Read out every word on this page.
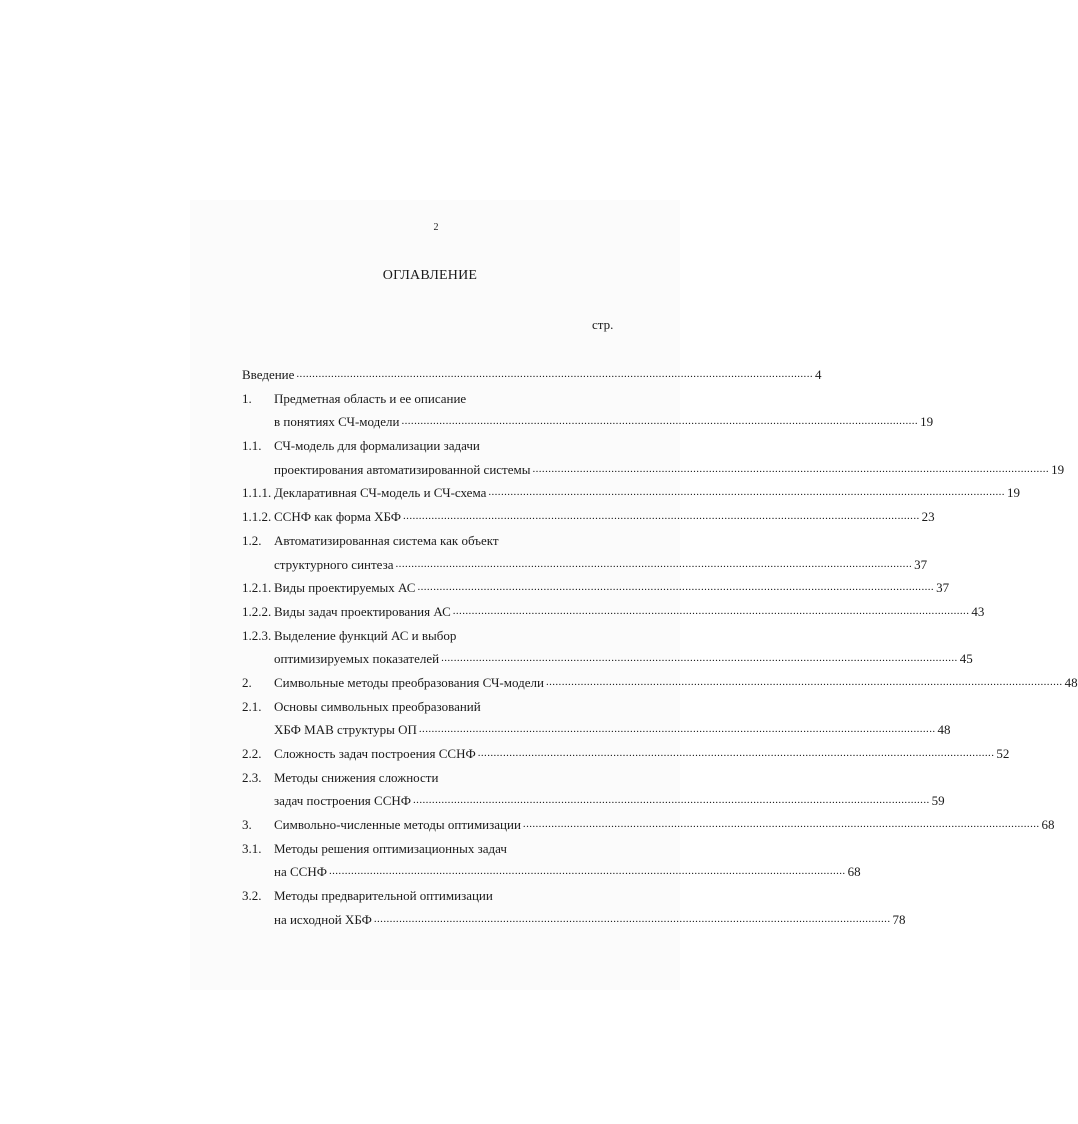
2
ОГЛАВЛЕНИЕ
стр.
Введение .....	4
1.	Предметная область и ее описание
в понятиях СЧ-модели .....	19
1.1. СЧ-модель для формализации задачи
проектирования автоматизированной системы .....	19
1.1.1. Декларативная СЧ-модель и СЧ-схема .....	19
1.1.2. ССНФ как форма ХБФ .....	23
1.2. Автоматизированная система как объект
структурного синтеза .....	37
1.2.1. Виды проектируемых АС .....	37
1.2.2. Виды задач проектирования АС .....	43
1.2.3. Выделение функций АС и выбор
оптимизируемых показателей .....	45
2.	Символьные методы преобразования СЧ-модели .....	48
2.1. Основы символьных преобразований
ХБФ МАВ структуры ОП .....	48
2.2. Сложность задач построения ССНФ .....	52
2.3. Методы снижения сложности
задач построения ССНФ .....	59
3.	Символьно-численные методы оптимизации .....	68
3.1. Методы решения оптимизационных задач
на ССНФ .....	68
3.2. Методы предварительной оптимизации
на исходной ХБФ .....	78
